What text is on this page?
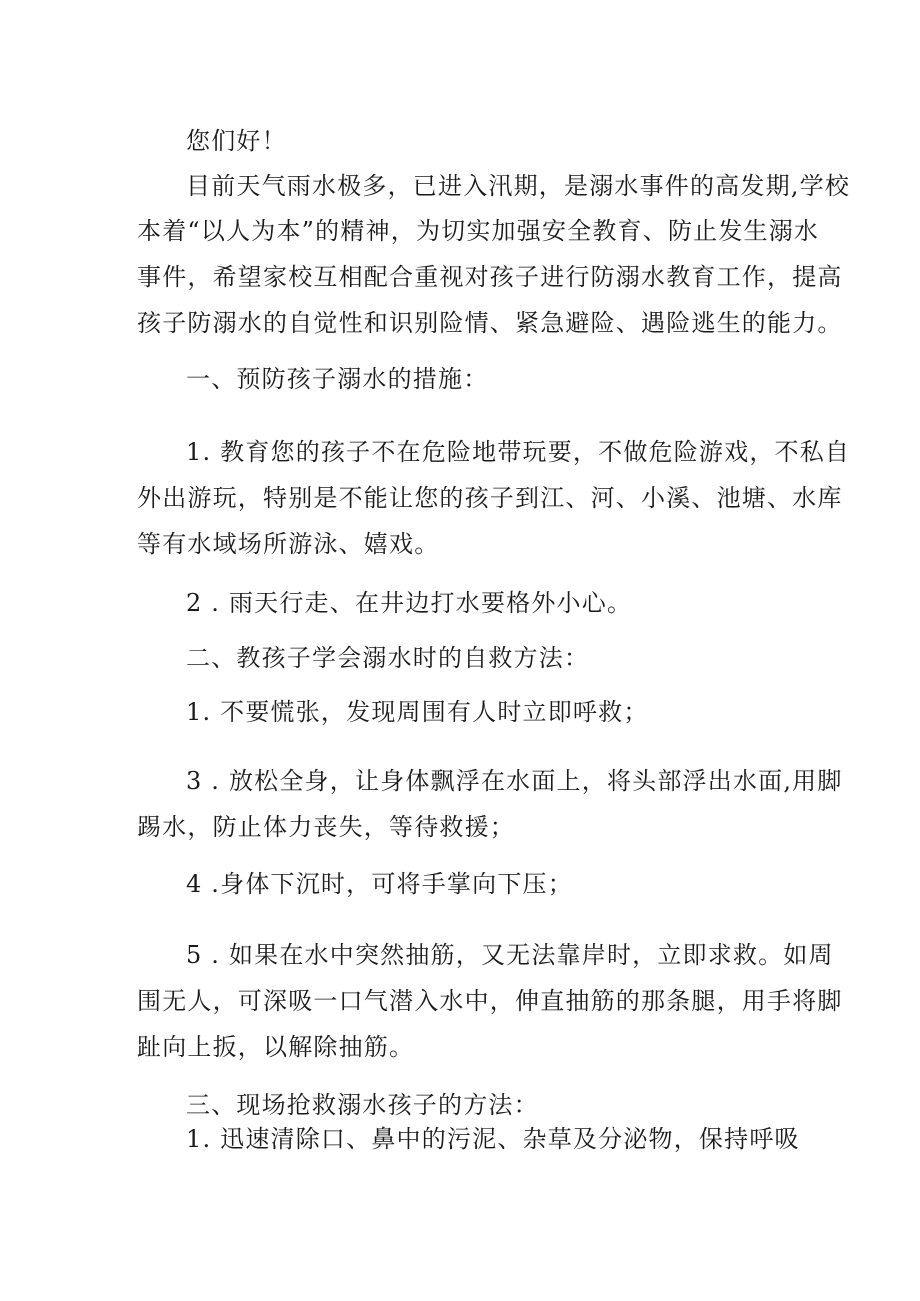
您们好！
目前天气雨水极多，已进入汛期，是溺水事件的高发期,学校
本着“以人为本”的精神，为切实加强安全教育、防止发生溺水
事件，希望家校互相配合重视对孩子进行防溺水教育工作，提高
孩子防溺水的自觉性和识别险情、紧急避险、遇险逃生的能力。
一、预防孩子溺水的措施：
1. 教育您的孩子不在危险地带玩要，不做危险游戏，不私自
外出游玩，特别是不能让您的孩子到江、河、小溪、池塘、水库
等有水域场所游泳、嬉戏。
2 . 雨天行走、在井边打水要格外小心。
二、教孩子学会溺水时的自救方法：
1. 不要慌张，发现周围有人时立即呼救；
3 . 放松全身，让身体飘浮在水面上，将头部浮出水面,用脚
踢水，防止体力丧失，等待救援；
4 .身体下沉时，可将手掌向下压；
5 . 如果在水中突然抽筋，又无法靠岸时，立即求救。如周
围无人，可深吸一口气潜入水中，伸直抽筋的那条腿，用手将脚
趾向上扳，以解除抽筋。
三、现场抢救溺水孩子的方法：
1. 迅速清除口、鼻中的污泥、杂草及分泌物，保持呼吸
